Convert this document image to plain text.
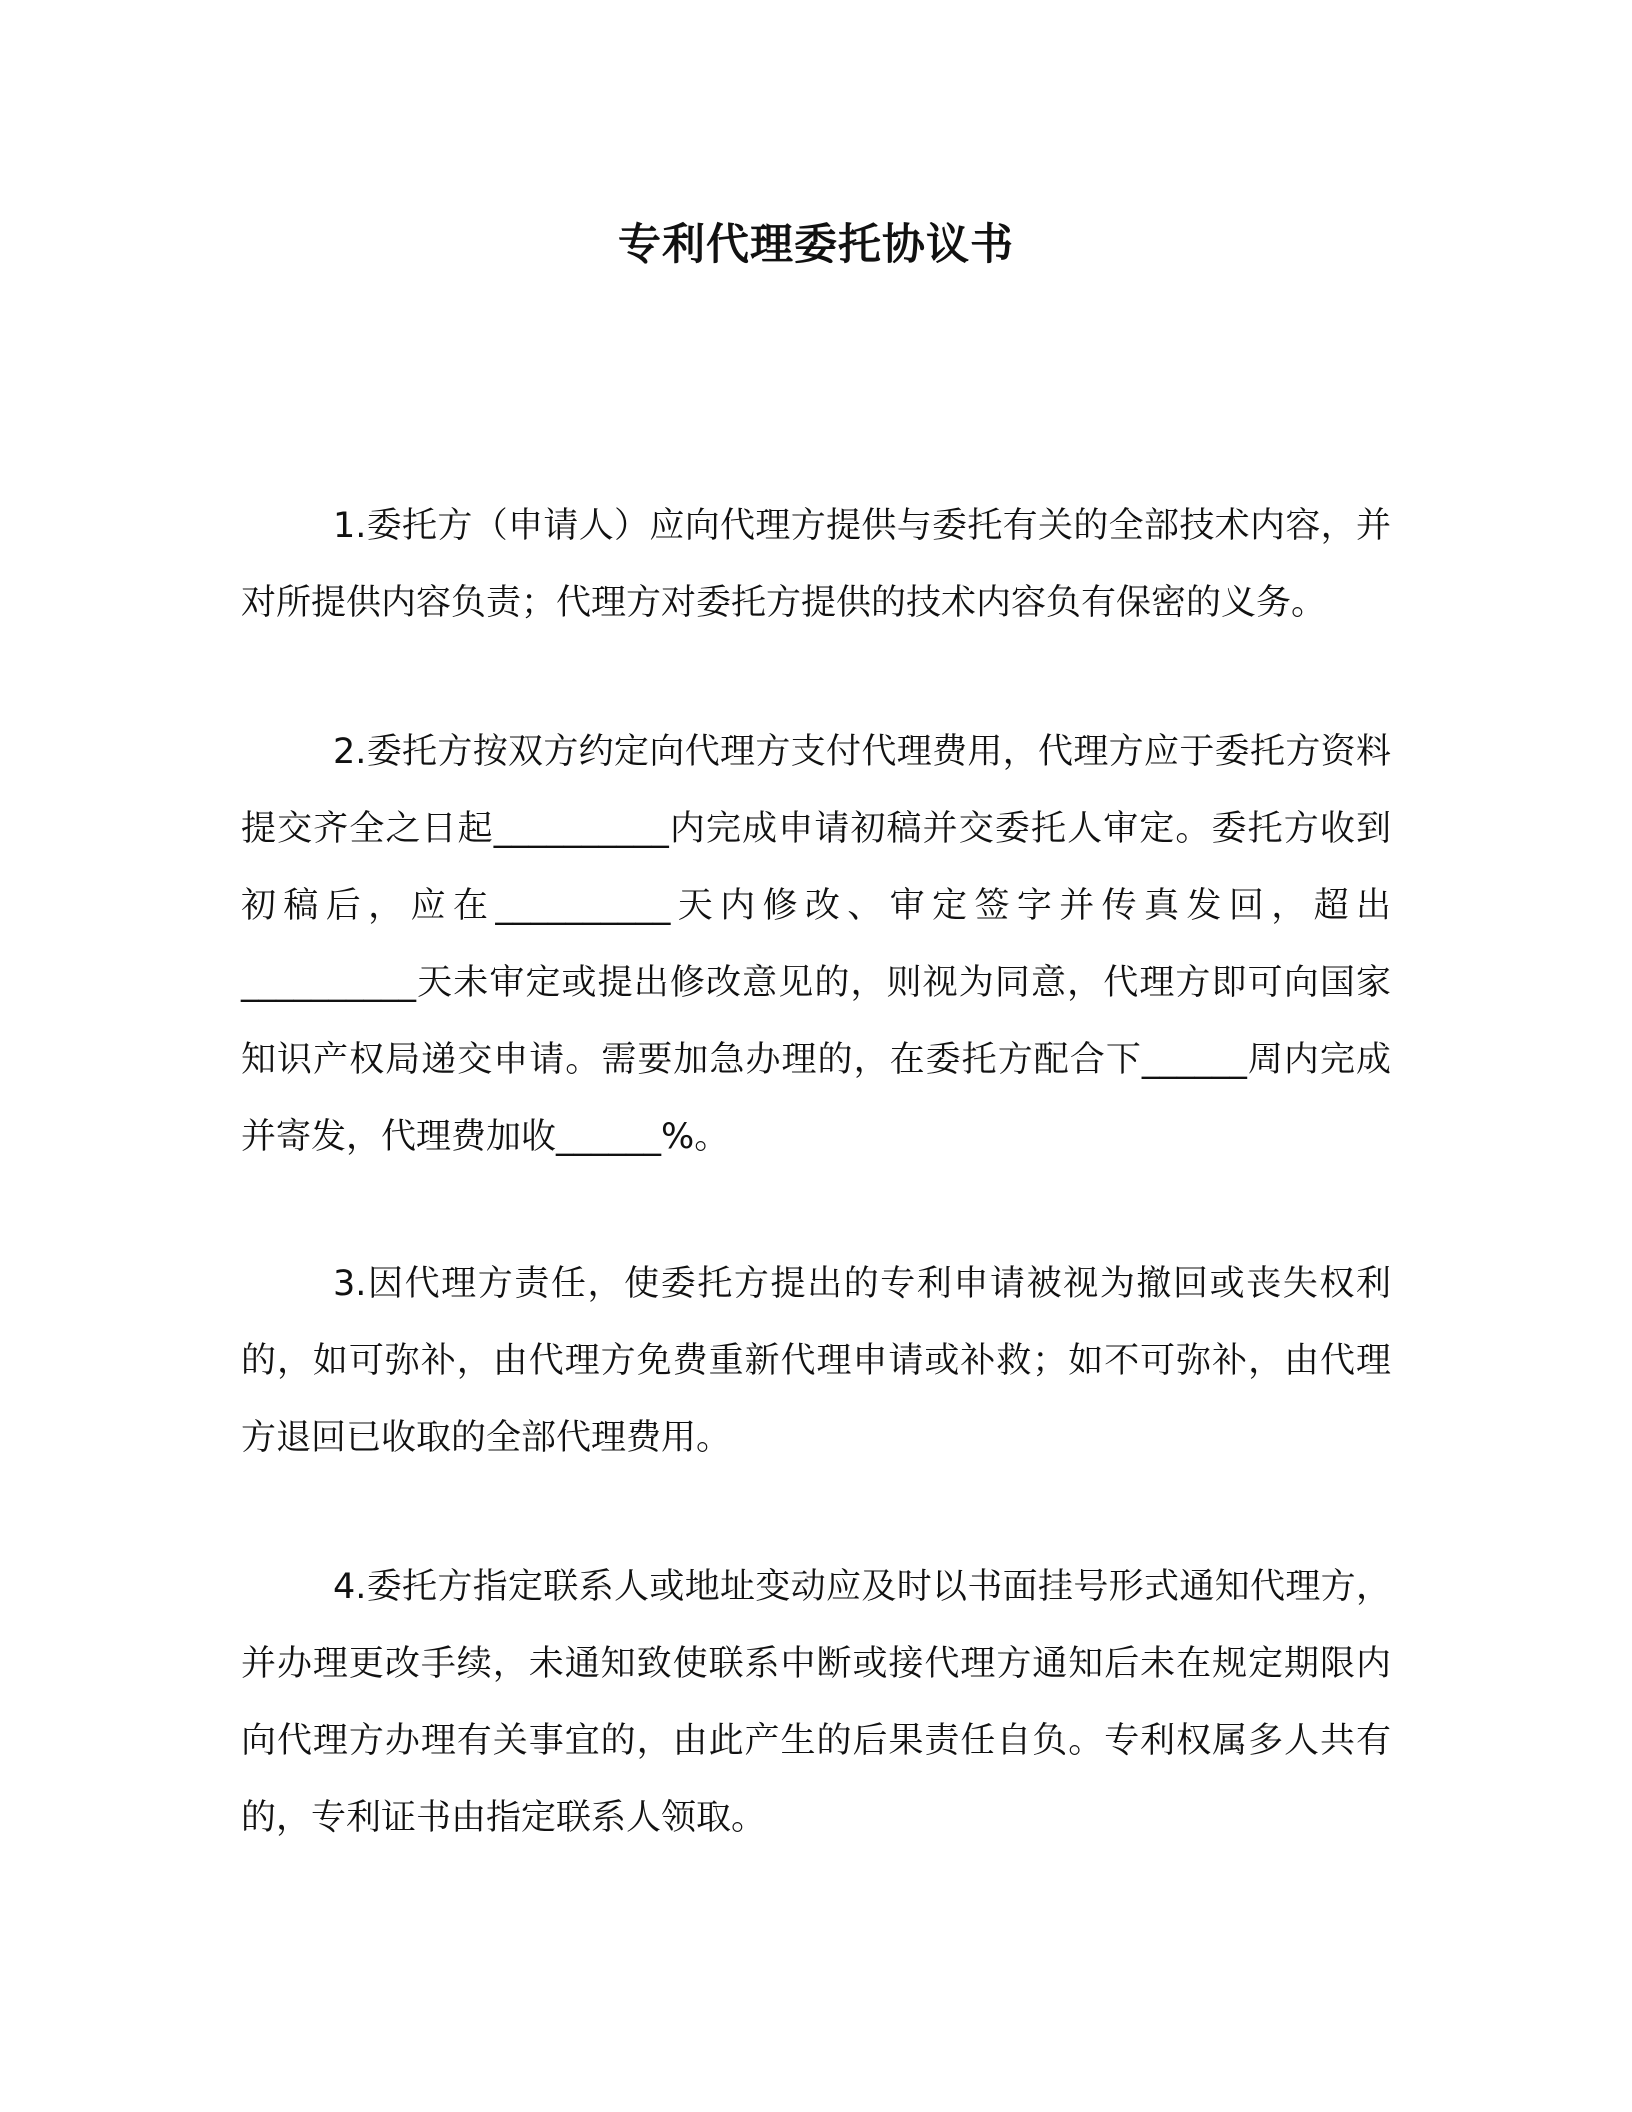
专利代理委托协议书

1.委托方（申请人）应向代理方提供与委托有关的全部技术内容，并对所提供内容负责；代理方对委托方提供的技术内容负有保密的义务。

2.委托方按双方约定向代理方支付代理费用，代理方应于委托方资料提交齐全之日起__________内完成申请初稿并交委托人审定。委托方收到初稿后，应在__________天内修改、审定签字并传真发回，超出__________天未审定或提出修改意见的，则视为同意，代理方即可向国家知识产权局递交申请。需要加急办理的，在委托方配合下______周内完成并寄发，代理费加收______%。

3.因代理方责任，使委托方提出的专利申请被视为撤回或丧失权利的，如可弥补，由代理方免费重新代理申请或补救；如不可弥补，由代理方退回已收取的全部代理费用。

4.委托方指定联系人或地址变动应及时以书面挂号形式通知代理方，并办理更改手续，未通知致使联系中断或接代理方通知后未在规定期限内向代理方办理有关事宜的，由此产生的后果责任自负。专利权属多人共有的，专利证书由指定联系人领取。
